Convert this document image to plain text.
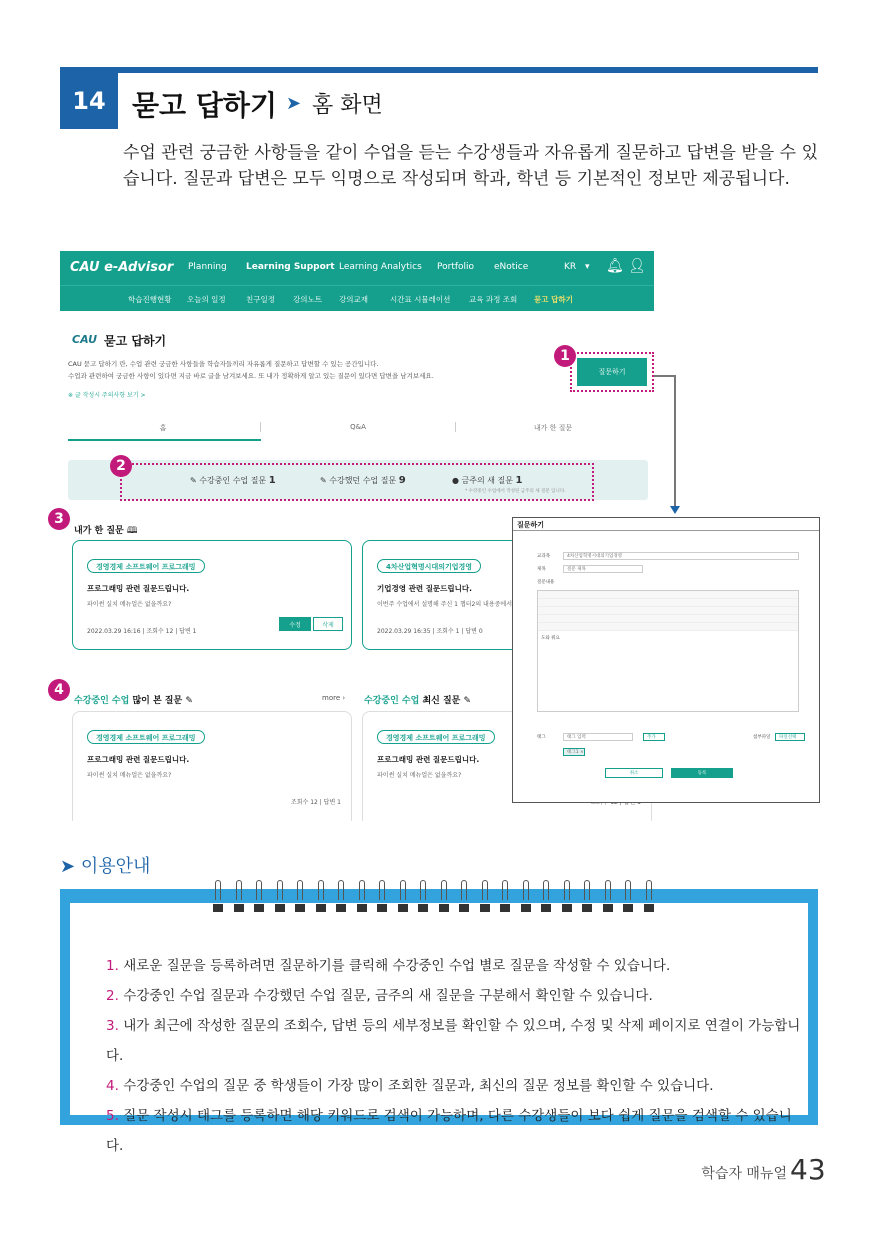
14 묻고 답하기 ➤ 홈 화면

수업 관련 궁금한 사항들을 같이 수업을 듣는 수강생들과 자유롭게 질문하고 답변을 받을 수 있습니다. 질문과 답변은 모두 익명으로 작성되며 학과, 학년 등 기본적인 정보만 제공됩니다.

CAU e-Advisor Planning Learning Support Learning Analytics Portfolio eNotice	KR ▾ 🔔︎ 👤︎
학습진행현황 오늘의 일정	친구일정 강의노트 강의교재	시간표 시뮬레이션 교육 과정 조회 묻고 답하기
CAU 묻고 답하기
CAU 묻고 답하기 란, 수업 관련 궁금한 사항들을 학습자들끼리 자유롭게 질문하고 답변할 수 있는 공간입니다.
수업과 관련하여 궁금한 사항이 있다면 지금 바로 글을 남겨보세요. 또 내가 정확하게 알고 있는 질문이 있다면 답변을 남겨보세요.
※ 글 작성시 주의사항 보기 >
질문하기
1
홈	Q&A	내가 한 질문
2
✎ 수강중인 수업 질문 1	✎ 수강했던 수업 질문 9	● 금주의 새 질문 1
* 수강중인 수업에서 작성된 금주의 새 질문 입니다.
내가 한 질문 🕮
경영경제 소프트웨어 프로그래밍
프로그래밍 관련 질문드립니다.
파이썬 실치 메뉴얼은 없을까요?
2022.03.29 16:16 | 조회수 12 | 답변 1
수정	삭제
4차산업혁명시대의기업경영
기업경영 관련 질문드립니다.
이번주 수업에서 설명해 주신 1 챕터2의 내용중에서
2022.03.29 16:35 | 조회수 1 | 답변 0
수강중인 수업 많이 본 질문 ✎	more › 수강중인 수업 최신 질문 ✎
경영경제 소프트웨어 프로그래밍
프로그래밍 관련 질문드립니다.
파이썬 실치 메뉴얼은 없을까요?
조회수 12 | 답변 1
경영경제 소프트웨어 프로그래밍
프로그래밍 관련 질문드립니다.
파이썬 실치 메뉴얼은 없을까요?
3
4
질문하기
교과목	4차산업혁명시대의기업경영
제목	질문 제목
질문내용
도와 줘요
태그	태그 입력	추가	첨부파일	파일선택
태그1 ×
취소	등록
➤ 이용안내
1. 새로운 질문을 등록하려면 질문하기를 클릭해 수강중인 수업 별로 질문을 작성할 수 있습니다.
2. 수강중인 수업 질문과 수강했던 수업 질문, 금주의 새 질문을 구분해서 확인할 수 있습니다.
3. 내가 최근에 작성한 질문의 조회수, 답변 등의 세부정보를 확인할 수 있으며, 수정 및 삭제 페이지로 연결이 가능합니다.
4. 수강중인 수업의 질문 중 학생들이 가장 많이 조회한 질문과, 최신의 질문 정보를 확인할 수 있습니다.
5. 질문 작성시 태그를 등록하면 해당 키워드로 검색이 가능하며, 다른 수강생들이 보다 쉽게 질문을 검색할 수 있습니다.
학습자 매뉴얼 43
